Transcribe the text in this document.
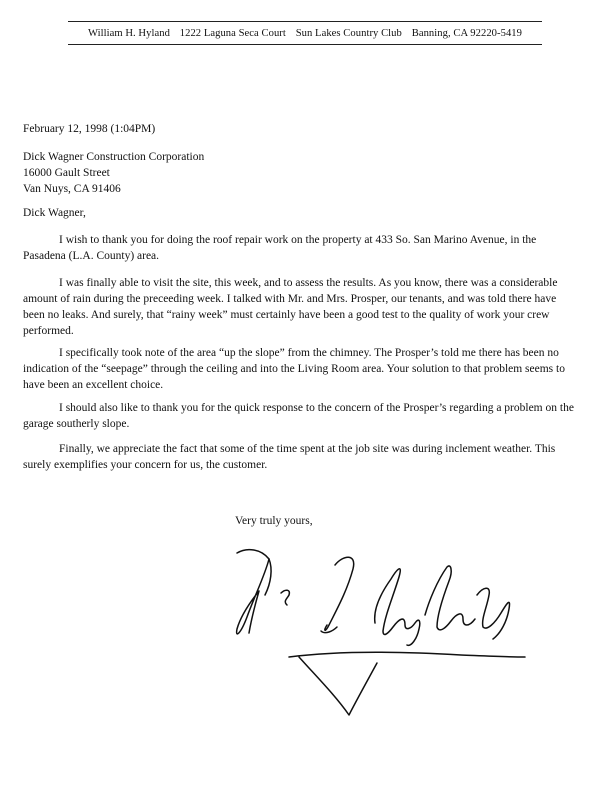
William H. Hyland 1222 Laguna Seca Court Sun Lakes Country Club Banning, CA 92220-5419
February 12, 1998 (1:04PM)
Dick Wagner Construction Corporation
16000 Gault Street
Van Nuys, CA 91406
Dick Wagner,
I wish to thank you for doing the roof repair work on the property at 433 So. San Marino Avenue, in the Pasadena (L.A. County) area.
I was finally able to visit the site, this week, and to assess the results. As you know, there was a considerable amount of rain during the preceeding week. I talked with Mr. and Mrs. Prosper, our tenants, and was told there have been no leaks. And surely, that “rainy week” must certainly have been a good test to the quality of work your crew performed.
I specifically took note of the area “up the slope” from the chimney. The Prosper’s told me there has been no indication of the “seepage” through the ceiling and into the Living Room area. Your solution to that problem seems to have been an excellent choice.
I should also like to thank you for the quick response to the concern of the Prosper’s regarding a problem on the garage southerly slope.
Finally, we appreciate the fact that some of the time spent at the job site was during inclement weather. This surely exemplifies your concern for us, the customer.
Very truly yours,
